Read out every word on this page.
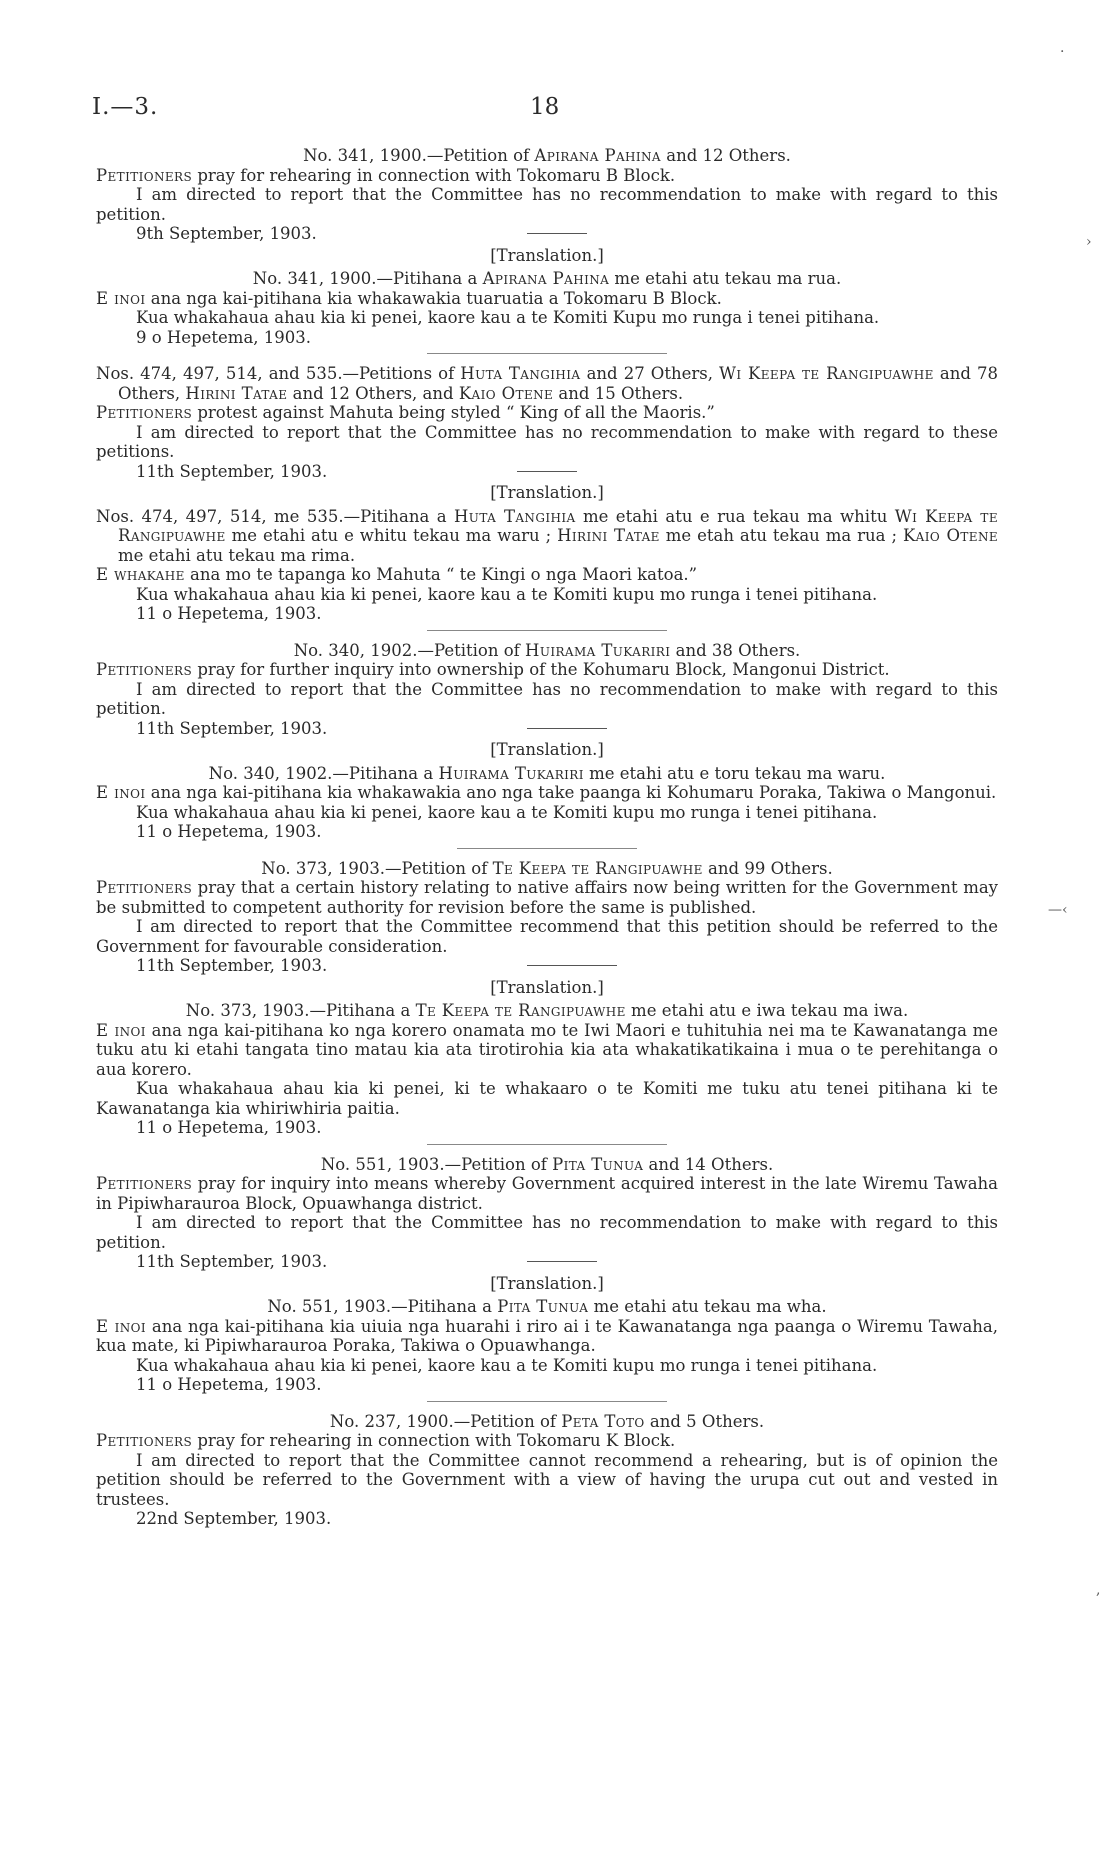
I.—3.	18

No. 341, 1900.—Petition of Apirana Pahina and 12 Others.

Petitioners pray for rehearing in connection with Tokomaru B Block.

I am directed to report that the Committee has no recommendation to make with regard to this petition.

9th September, 1903.

[Translation.]

No. 341, 1900.—Pitihana a Apirana Pahina me etahi atu tekau ma rua.

E inoi ana nga kai-pitihana kia whakawakia tuaruatia a Tokomaru B Block.

Kua whakahaua ahau kia ki penei, kaore kau a te Komiti Kupu mo runga i tenei pitihana.

9 o Hepetema, 1903.

Nos. 474, 497, 514, and 535.—Petitions of Huta Tangihia and 27 Others, Wi Keepa te Rangipuawhe and 78 Others, Hirini Tatae and 12 Others, and Kaio Otene and 15 Others.

Petitioners protest against Mahuta being styled “ King of all the Maoris.”

I am directed to report that the Committee has no recommendation to make with regard to these petitions.

11th September, 1903.

[Translation.]

Nos. 474, 497, 514, me 535.—Pitihana a Huta Tangihia me etahi atu e rua tekau ma whitu Wi Keepa te Rangipuawhe me etahi atu e whitu tekau ma waru ; Hirini Tatae me etah atu tekau ma rua ; Kaio Otene me etahi atu tekau ma rima.

E whakahe ana mo te tapanga ko Mahuta “ te Kingi o nga Maori katoa.”

Kua whakahaua ahau kia ki penei, kaore kau a te Komiti kupu mo runga i tenei pitihana.

11 o Hepetema, 1903.

No. 340, 1902.—Petition of Huirama Tukariri and 38 Others.

Petitioners pray for further inquiry into ownership of the Kohumaru Block, Mangonui District.

I am directed to report that the Committee has no recommendation to make with regard to this petition.

11th September, 1903.

[Translation.]

No. 340, 1902.—Pitihana a Huirama Tukariri me etahi atu e toru tekau ma waru.

E inoi ana nga kai-pitihana kia whakawakia ano nga take paanga ki Kohumaru Poraka, Takiwa o Mangonui.

Kua whakahaua ahau kia ki penei, kaore kau a te Komiti kupu mo runga i tenei pitihana.

11 o Hepetema, 1903.

No. 373, 1903.—Petition of Te Keepa te Rangipuawhe and 99 Others.

Petitioners pray that a certain history relating to native affairs now being written for the Government may be submitted to competent authority for revision before the same is published.

I am directed to report that the Committee recommend that this petition should be referred to the Government for favourable consideration.

11th September, 1903.

[Translation.]

No. 373, 1903.—Pitihana a Te Keepa te Rangipuawhe me etahi atu e iwa tekau ma iwa.

E inoi ana nga kai-pitihana ko nga korero onamata mo te Iwi Maori e tuhituhia nei ma te Kawanatanga me tuku atu ki etahi tangata tino matau kia ata tirotirohia kia ata whakatikatikaina i mua o te perehitanga o aua korero.

Kua whakahaua ahau kia ki penei, ki te whakaaro o te Komiti me tuku atu tenei pitihana ki te Kawanatanga kia whiriwhiria paitia.

11 o Hepetema, 1903.

No. 551, 1903.—Petition of Pita Tunua and 14 Others.

Petitioners pray for inquiry into means whereby Government acquired interest in the late Wiremu Tawaha in Pipiwharauroa Block, Opuawhanga district.

I am directed to report that the Committee has no recommendation to make with regard to this petition.

11th September, 1903.

[Translation.]

No. 551, 1903.—Pitihana a Pita Tunua me etahi atu tekau ma wha.

E inoi ana nga kai-pitihana kia uiuia nga huarahi i riro ai i te Kawanatanga nga paanga o Wiremu Tawaha, kua mate, ki Pipiwharauroa Poraka, Takiwa o Opuawhanga.

Kua whakahaua ahau kia ki penei, kaore kau a te Komiti kupu mo runga i tenei pitihana.

11 o Hepetema, 1903.

No. 237, 1900.—Petition of Peta Toto and 5 Others.

Petitioners pray for rehearing in connection with Tokomaru K Block.

I am directed to report that the Committee cannot recommend a rehearing, but is of opinion the petition should be referred to the Government with a view of having the urupa cut out and vested in trustees.

22nd September, 1903.

·
›
—‹
,
